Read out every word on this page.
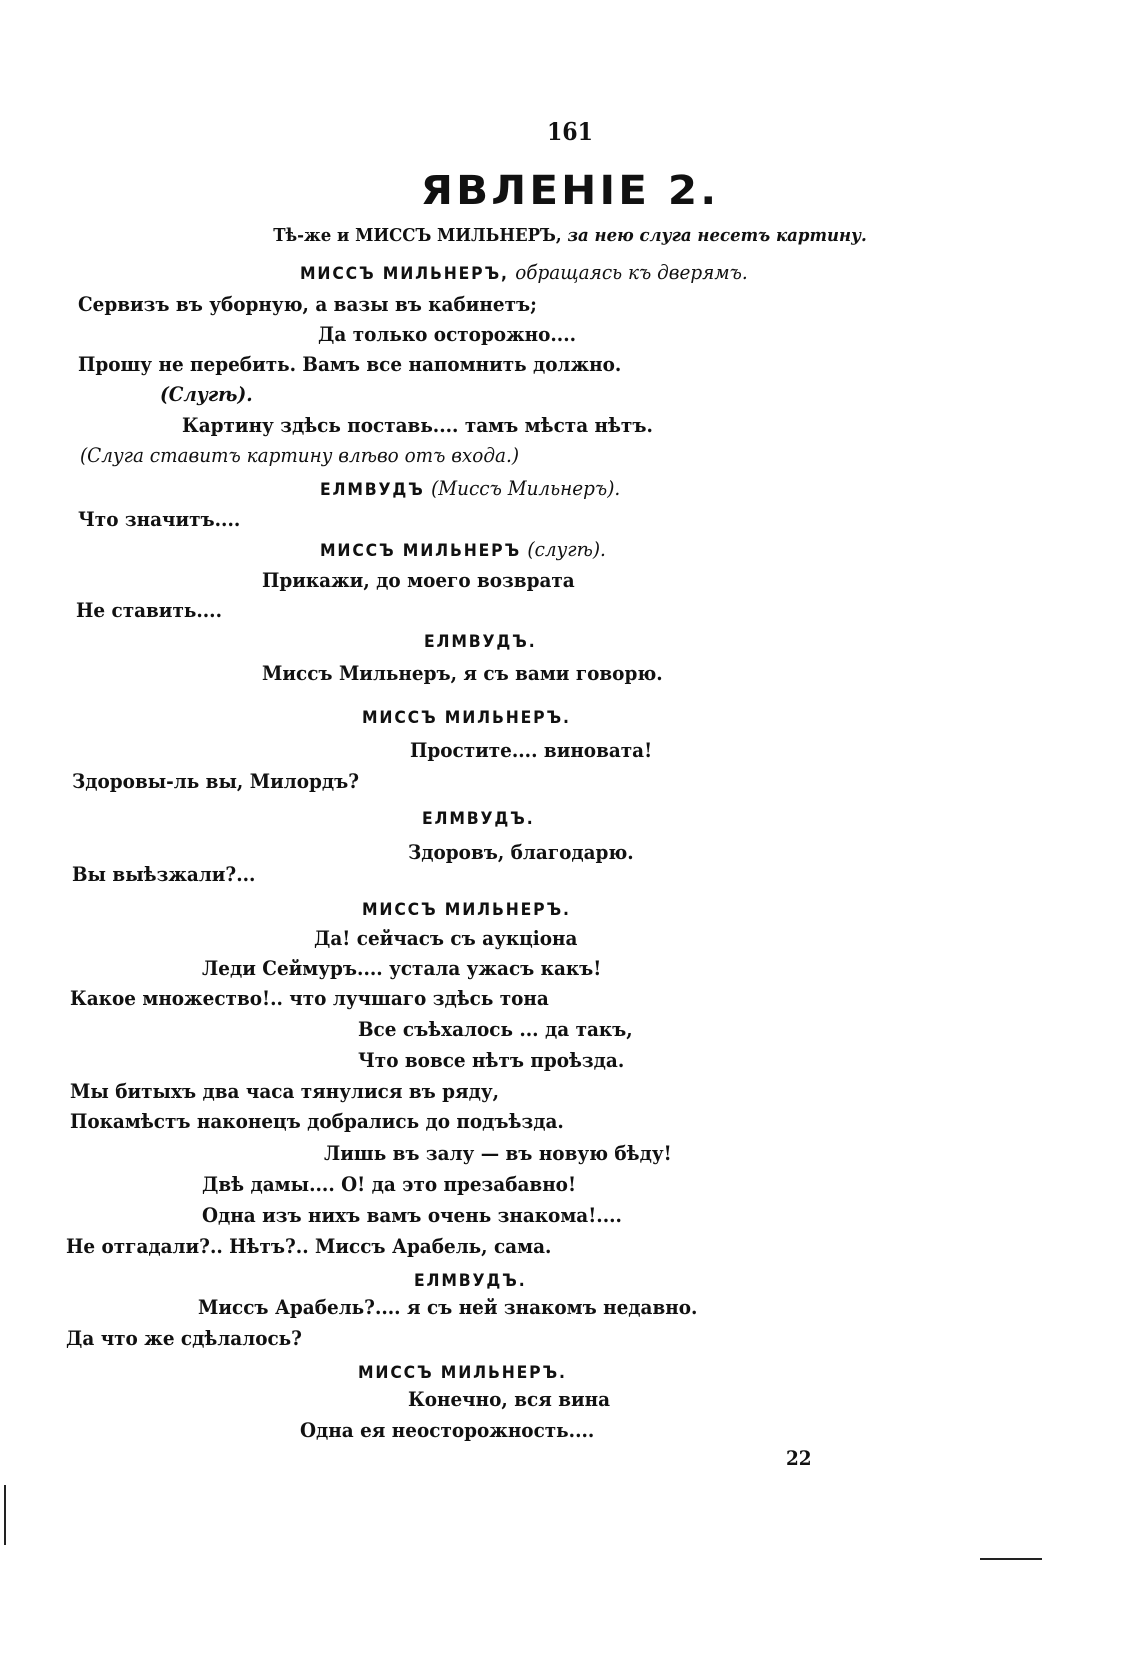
161
ЯВЛЕНІЕ 2.
Тѣ-же и МИССЪ МИЛЬНЕРЪ, за нею слуга несетъ картину.
МИССЪ МИЛЬНЕРЪ, обращаясь къ дверямъ.
Сервизъ въ уборную, а вазы въ кабинетъ;
Да только осторожно....
Прошу не перебить. Вамъ все напомнить должно.
(Слугѣ).
Картину здѣсь поставь.... тамъ мѣста нѣтъ.
(Слуга ставитъ картину влѣво отъ входа.)
ЕЛМВУДЪ (Миссъ Мильнеръ).
Что значитъ....
МИССЪ МИЛЬНЕРЪ (слугѣ).
Прикажи, до моего возврата
Не ставить....
ЕЛМВУДЪ.
Миссъ Мильнеръ, я съ вами говорю.
МИССЪ МИЛЬНЕРЪ.
Простите.... виновата!
Здоровы-ль вы, Милордъ?
ЕЛМВУДЪ.
Здоровъ, благодарю.
Вы выѣзжали?...
МИССЪ МИЛЬНЕРЪ.
Да! сейчасъ съ аукціона
Леди Сеймуръ.... устала ужасъ какъ!
Какое множество!.. что лучшаго здѣсь тона
Все съѣхалось ... да такъ,
Что вовсе нѣтъ проѣзда.
Мы битыхъ два часа тянулися въ ряду,
Покамѣстъ наконецъ добрались до подъѣзда.
Лишь въ залу — въ новую бѣду!
Двѣ дамы.... О! да это презабавно!
Одна изъ нихъ вамъ очень знакома!....
Не отгадали?.. Нѣтъ?.. Миссъ Арабель, сама.
ЕЛМВУДЪ.
Миссъ Арабель?.... я съ ней знакомъ недавно.
Да что же сдѣлалось?
МИССЪ МИЛЬНЕРЪ.
Конечно, вся вина
Одна ея неосторожность....
22
